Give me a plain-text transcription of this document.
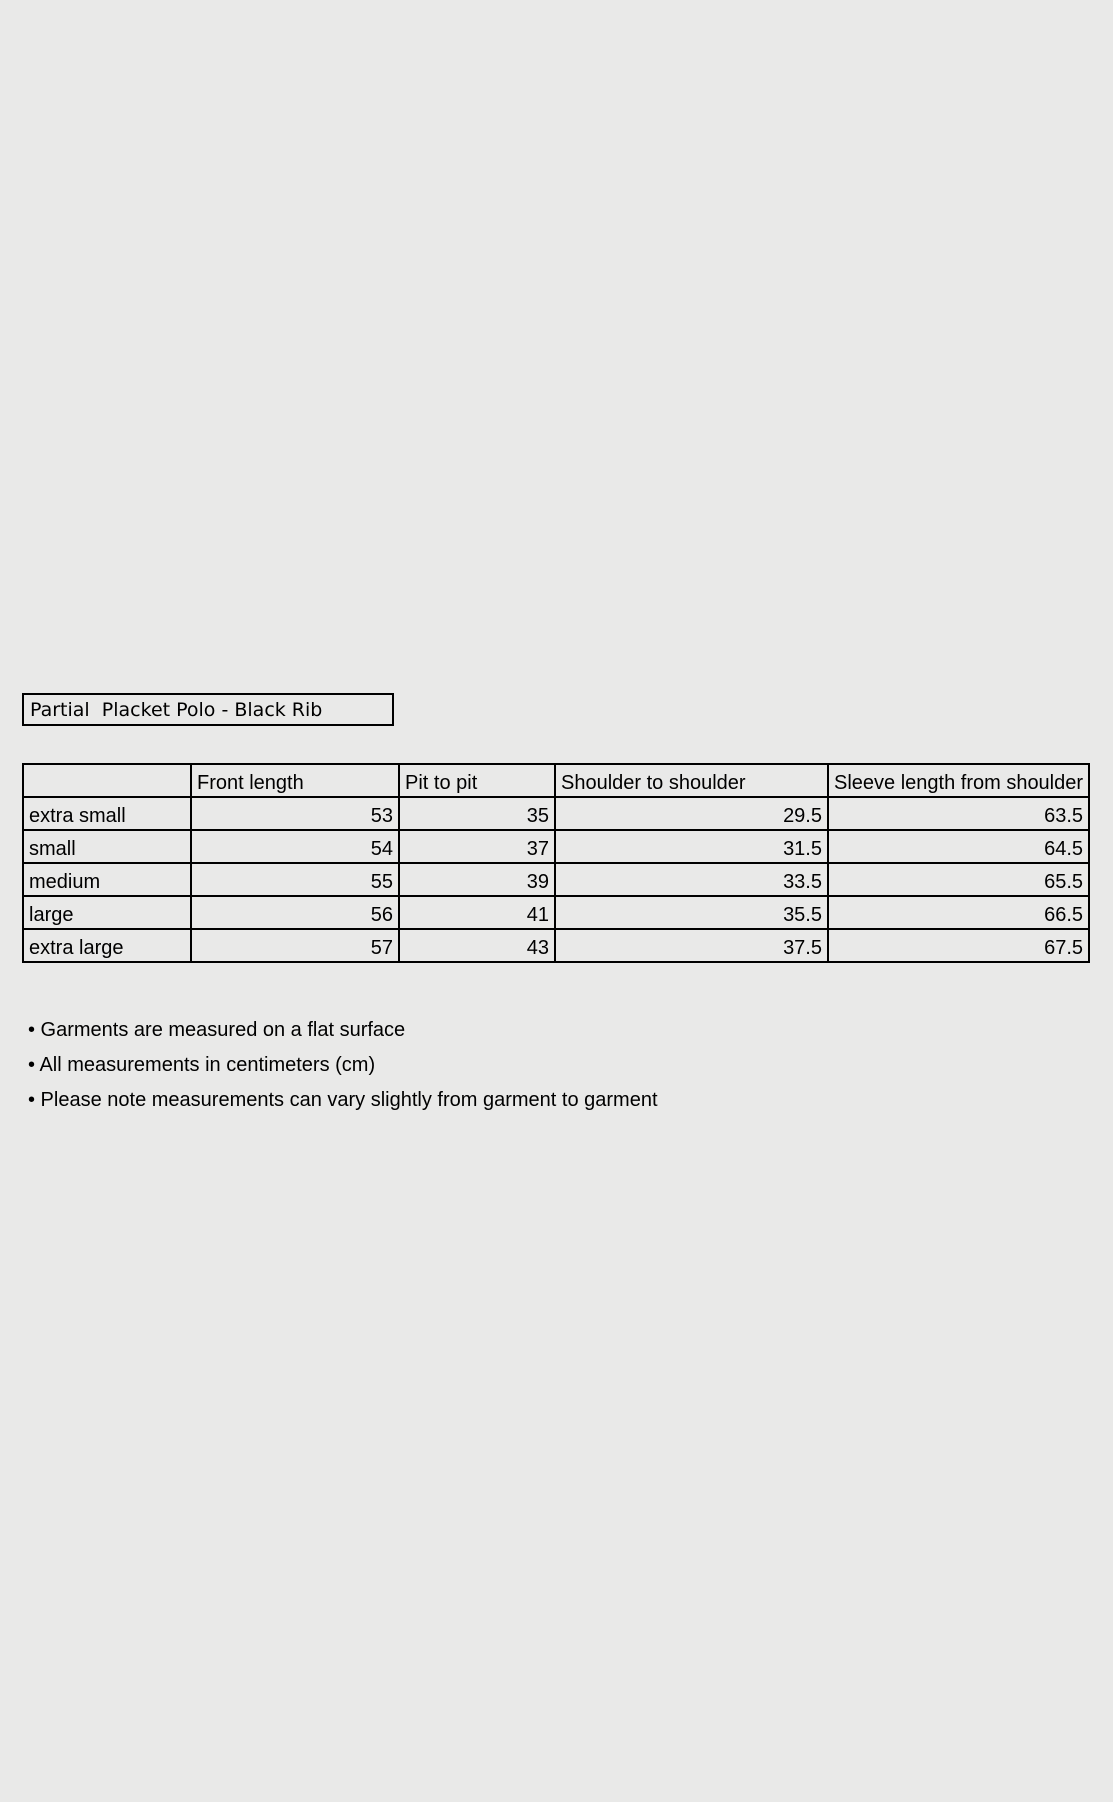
Partial  Placket Polo - Black Rib
	Front length	Pit to pit	Shoulder to shoulder	Sleeve length from shoulder
extra small	53	35	29.5	63.5
small	54	37	31.5	64.5
medium	55	39	33.5	65.5
large	56	41	35.5	66.5
extra large	57	43	37.5	67.5
• Garments are measured on a flat surface
• All measurements in centimeters (cm)
• Please note measurements can vary slightly from garment to garment
